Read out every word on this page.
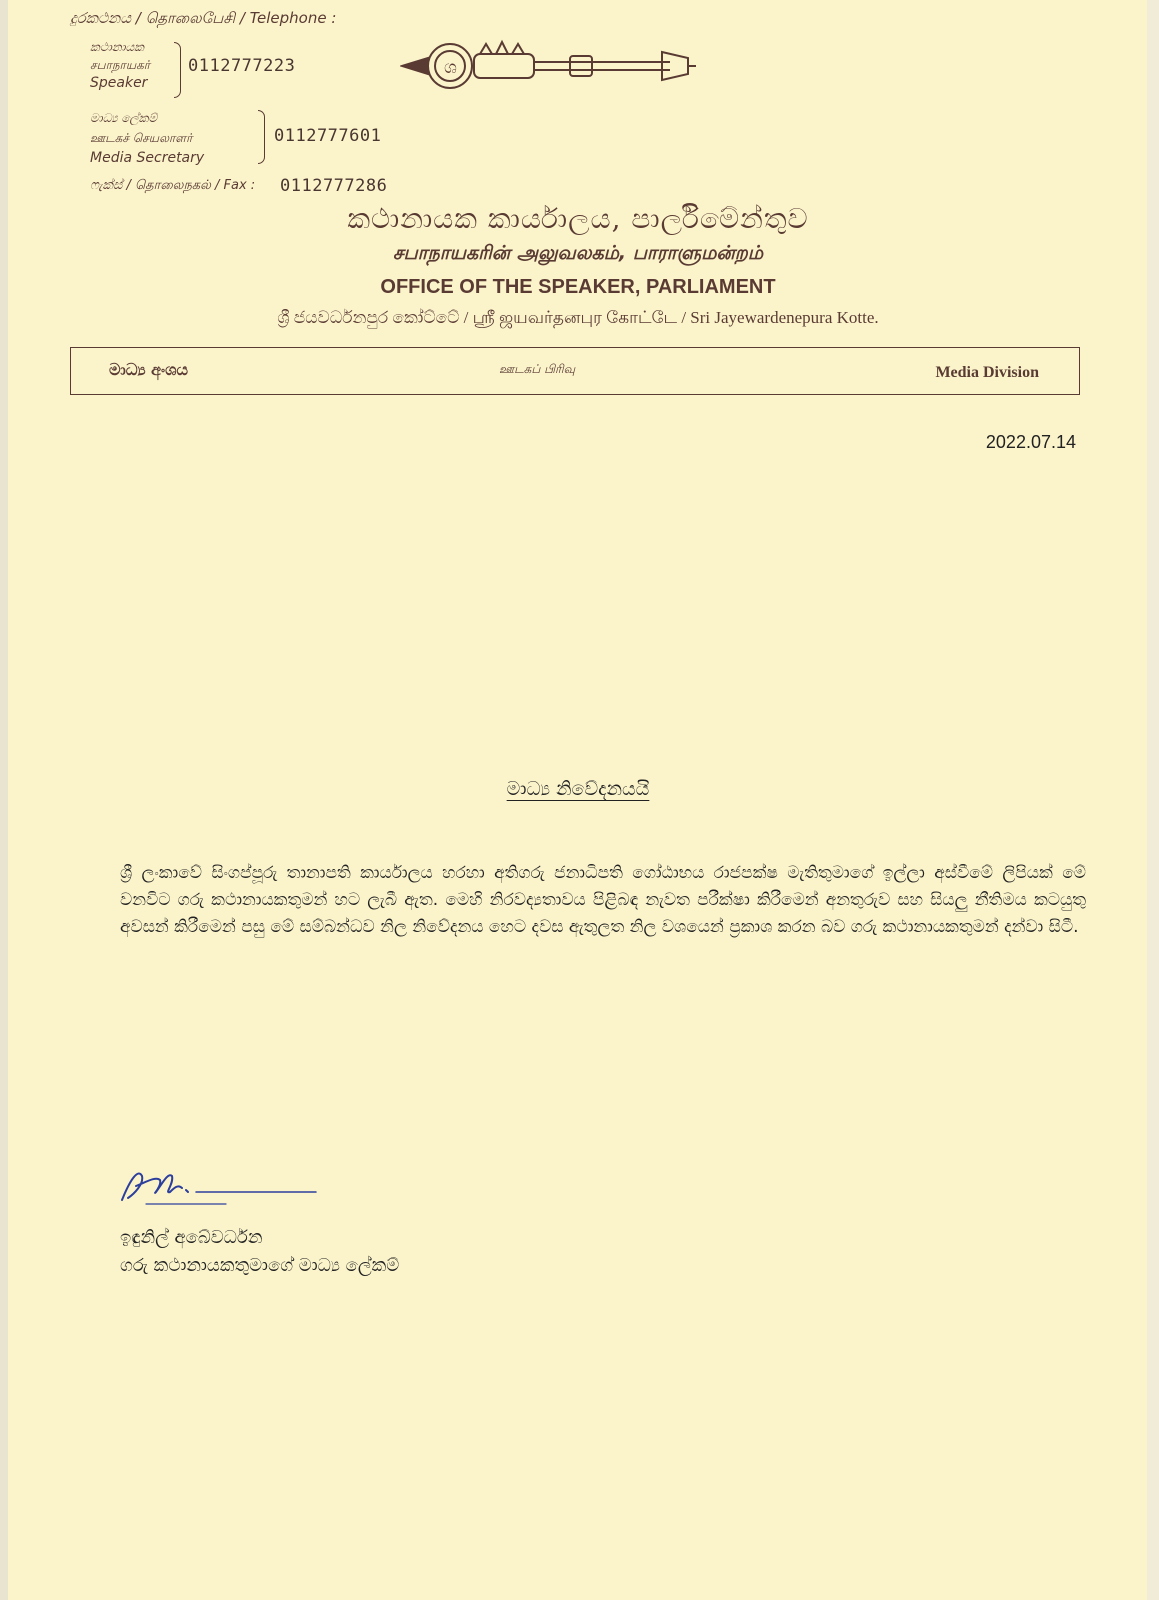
දුරකථනය / தொலைபேசி / Telephone :
කථානායක
சபாநாயகர்
Speaker
0112777223
මාධ්‍ය ලේකම්
ஊடகச் செயலாளர்
Media Secretary
0112777601
ෆැක්ස් / தொலைநகல் / Fax : 0112777286
ශ
කථානායක කාර්යාලය, පාර්ලිමේන්තුව
சபாநாயகரின் அலுவலகம், பாராளுமன்றம்
OFFICE OF THE SPEAKER, PARLIAMENT
ශ්‍රී ජයවර්ධනපුර කෝට්ටේ / ஸ்ரீ ஜயவர்தனபுர கோட்டே / Sri Jayewardenepura Kotte.
මාධ්‍ය අංශය	ஊடகப் பிரிவு	Media Division
2022.07.14
මාධ්‍ය නිවේදනයයි
ශ්‍රී ලංකාවේ සිංගප්පූරු තානාපති කාර්යාලය හරහා අතිගරු ජනාධිපති ගෝඨාභය රාජපක්ෂ මැතිතුමාගේ ඉල්ලා අස්වීමේ ලිපියක් මේ වනවිට ගරු කථානායකතුමන් හට ලැබී ඇත. මෙහි නිරවද්‍යතාවය පිළිබඳ නැවත පරීක්ෂා කිරීමෙන් අනතුරුව සහ සියලු නීතිමය කටයුතු අවසන් කිරීමෙන් පසු මේ සම්බන්ධව නිල නිවේදනය හෙට දවස ඇතුලත නිල වශයෙන් ප්‍රකාශ කරන බව ගරු කථානායකතුමන් දන්වා සිටී.
ඉඳුනිල් අබේවර්ධන
ගරු කථානායකතුමාගේ මාධ්‍ය ලේකම්
